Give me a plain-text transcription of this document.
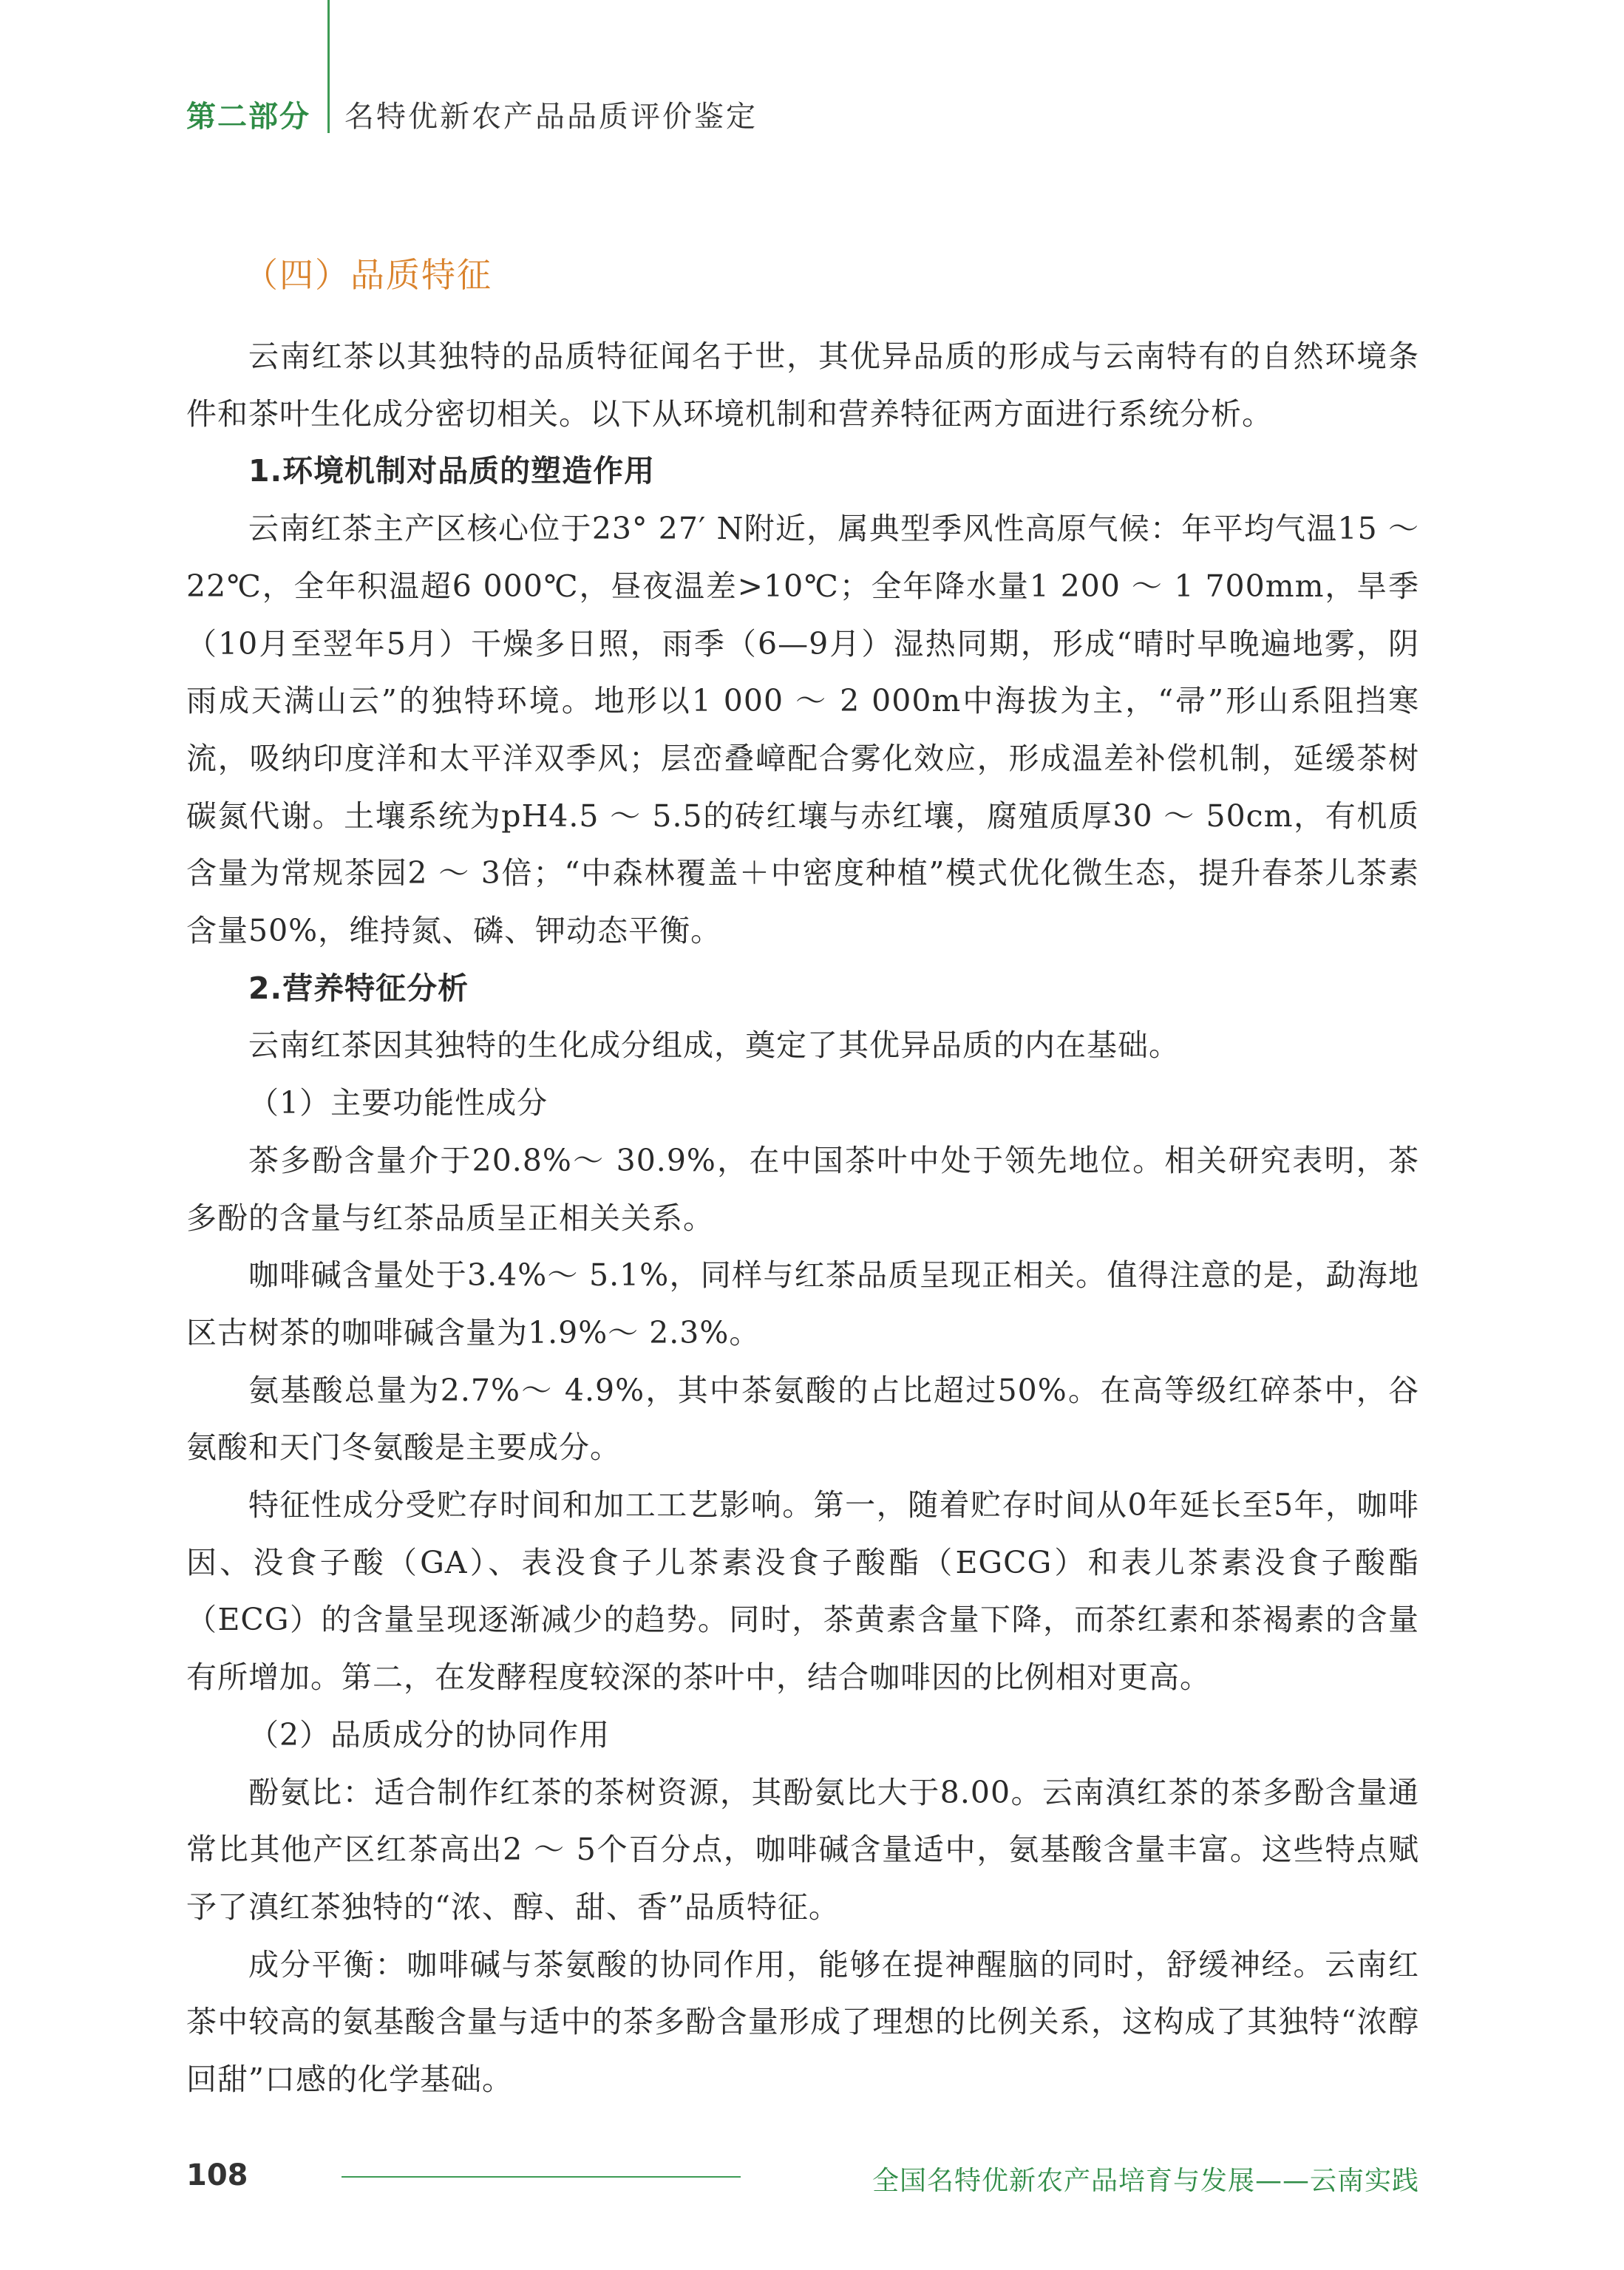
第二部分 名特优新农产品品质评价鉴定
（四）品质特征

云南红茶以其独特的品质特征闻名于世，其优异品质的形成与云南特有的自然环境条件和茶叶生化成分密切相关。以下从环境机制和营养特征两方面进行系统分析。

1.环境机制对品质的塑造作用

云南红茶主产区核心位于23° 27′ N附近，属典型季风性高原气候：年平均气温15 ～ 22℃，全年积温超6 000℃，昼夜温差>10℃；全年降水量1 200 ～ 1 700mm，旱季（10月至翌年5月）干燥多日照，雨季（6—9月）湿热同期，形成“晴时早晚遍地雾，阴雨成天满山云”的独特环境。地形以1 000 ～ 2 000m中海拔为主，“帚”形山系阻挡寒流，吸纳印度洋和太平洋双季风；层峦叠嶂配合雾化效应，形成温差补偿机制，延缓茶树碳氮代谢。土壤系统为pH4.5 ～ 5.5的砖红壤与赤红壤，腐殖质厚30 ～ 50cm，有机质含量为常规茶园2 ～ 3倍；“中森林覆盖＋中密度种植”模式优化微生态，提升春茶儿茶素含量50%，维持氮、磷、钾动态平衡。

2.营养特征分析

云南红茶因其独特的生化成分组成，奠定了其优异品质的内在基础。

（1）主要功能性成分

茶多酚含量介于20.8%～ 30.9%，在中国茶叶中处于领先地位。相关研究表明，茶多酚的含量与红茶品质呈正相关关系。

咖啡碱含量处于3.4%～ 5.1%，同样与红茶品质呈现正相关。值得注意的是，勐海地区古树茶的咖啡碱含量为1.9%～ 2.3%。

氨基酸总量为2.7%～ 4.9%，其中茶氨酸的占比超过50%。在高等级红碎茶中，谷氨酸和天门冬氨酸是主要成分。

特征性成分受贮存时间和加工工艺影响。第一，随着贮存时间从0年延长至5年，咖啡因、没食子酸（GA）、表没食子儿茶素没食子酸酯（EGCG）和表儿茶素没食子酸酯（ECG）的含量呈现逐渐减少的趋势。同时，茶黄素含量下降，而茶红素和茶褐素的含量有所增加。第二，在发酵程度较深的茶叶中，结合咖啡因的比例相对更高。

（2）品质成分的协同作用

酚氨比：适合制作红茶的茶树资源，其酚氨比大于8.00。云南滇红茶的茶多酚含量通常比其他产区红茶高出2 ～ 5个百分点，咖啡碱含量适中，氨基酸含量丰富。这些特点赋予了滇红茶独特的“浓、醇、甜、香”品质特征。

成分平衡：咖啡碱与茶氨酸的协同作用，能够在提神醒脑的同时，舒缓神经。云南红茶中较高的氨基酸含量与适中的茶多酚含量形成了理想的比例关系，这构成了其独特“浓醇回甜”口感的化学基础。

108	全国名特优新农产品培育与发展——云南实践
